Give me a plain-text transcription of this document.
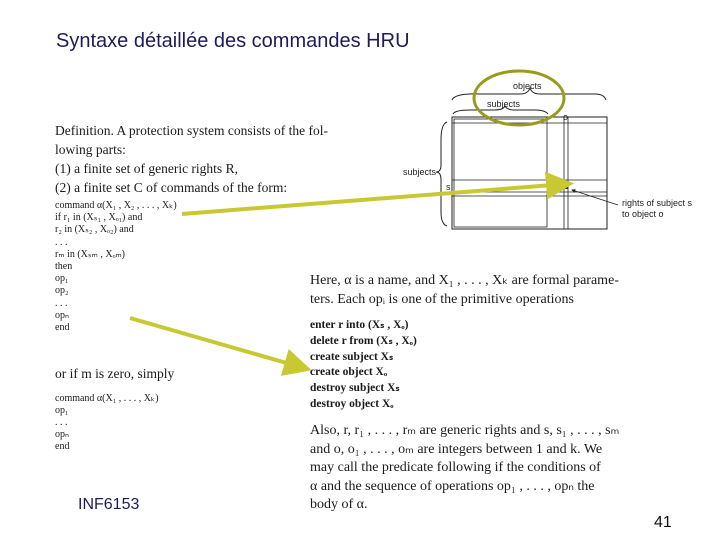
Syntaxe détaillée des commandes HRU
Definition. A protection system consists of the fol-
lowing parts:
(1) a finite set of generic rights R,
(2) a finite set C of commands of the form:
command α(X₁ , X₂ , . . . , Xₖ)
if r₁ in (Xₛ₁ , Xₒ₁) and
r₂ in (Xₛ₂ , Xₒ₂) and
. . .
rₘ in (Xₛₘ , Xₒₘ)
then
op₁
op₂
. . .
opₙ
end
or if m is zero, simply
command α(X₁ , . . . , Xₖ)
op₁
. . .
opₙ
end
Here, α is a name, and X₁ , . . . , Xₖ are formal parame-
ters. Each opᵢ is one of the primitive operations
enter r into (Xₛ , Xₒ)
delete r from (Xₛ , Xₒ)
create subject Xₛ
create object Xₒ
destroy subject Xₛ
destroy object Xₒ
Also, r, r₁ , . . . , rₘ are generic rights and s, s₁ , . . . , sₘ
and o, o₁ , . . . , oₘ are integers between 1 and k. We
may call the predicate following if the conditions of
α and the sequence of operations op₁ , . . . , opₙ the
body of α.
objects
subjects
subjects
o
s
rights of subject s
to object o
INF6153
41
